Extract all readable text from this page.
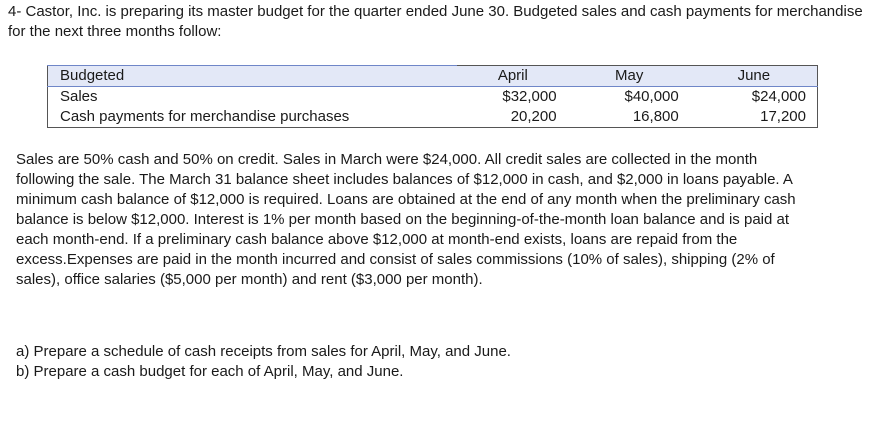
4- Castor, Inc. is preparing its master budget for the quarter ended June 30. Budgeted sales and cash payments for merchandise for the next three months follow:

Budgeted	April	May	June
Sales	$32,000	$40,000	$24,000
Cash payments for merchandise purchases	20,200	16,800	17,200

Sales are 50% cash and 50% on credit. Sales in March were $24,000. All credit sales are collected in the month following the sale. The March 31 balance sheet includes balances of $12,000 in cash, and $2,000 in loans payable. A minimum cash balance of $12,000 is required. Loans are obtained at the end of any month when the preliminary cash balance is below $12,000. Interest is 1% per month based on the beginning-of-the-month loan balance and is paid at each month-end. If a preliminary cash balance above $12,000 at month-end exists, loans are repaid from the excess.Expenses are paid in the month incurred and consist of sales commissions (10% of sales), shipping (2% of sales), office salaries ($5,000 per month) and rent ($3,000 per month).

a) Prepare a schedule of cash receipts from sales for April, May, and June.
b) Prepare a cash budget for each of April, May, and June.
